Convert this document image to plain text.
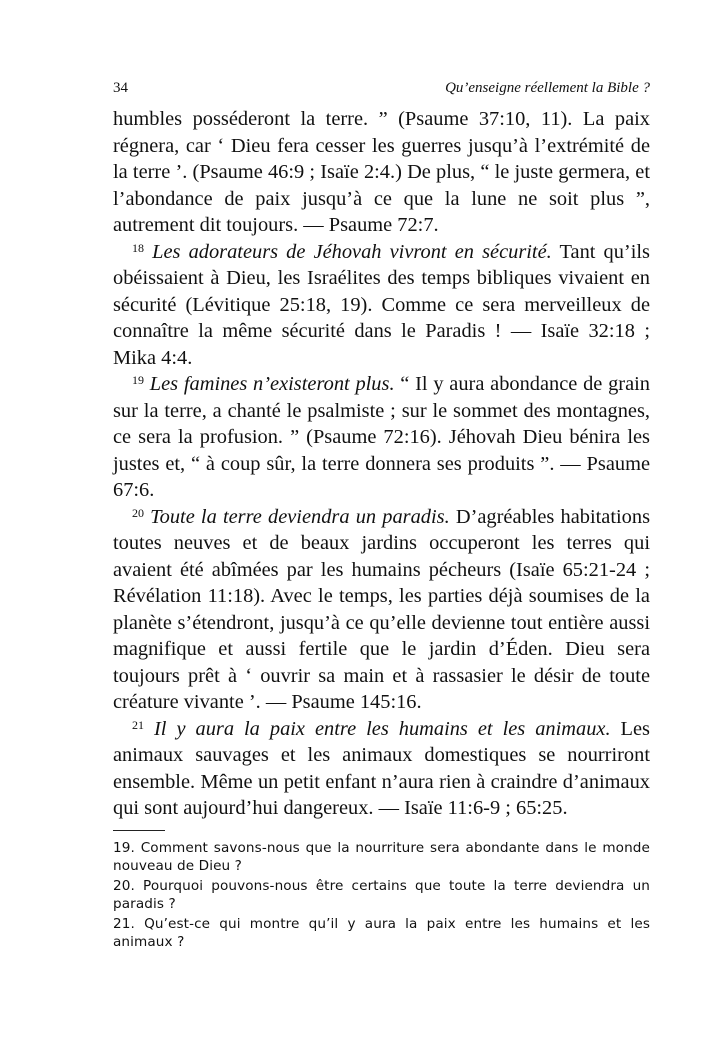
34	Qu’enseigne réellement la Bible ?

humbles posséderont la terre. ” (Psaume 37:10, 11). La paix régnera, car ‘ Dieu fera cesser les guerres jusqu’à l’extrémité de la terre ’. (Psaume 46:9 ; Isaïe 2:4.) De plus, “ le juste germera, et l’abondance de paix jusqu’à ce que la lune ne soit plus ”, autrement dit toujours. — Psaume 72:7.

$^{18}$ Les adorateurs de Jéhovah vivront en sécurité. Tant qu’ils obéissaient à Dieu, les Israélites des temps bibliques vivaient en sécurité (Lévitique 25:18, 19). Comme ce sera merveilleux de connaître la même sécurité dans le Paradis ! — Isaïe 32:18 ; Mika 4:4.

$^{19}$ Les famines n’existeront plus. “ Il y aura abondance de grain sur la terre, a chanté le psalmiste ; sur le sommet des montagnes, ce sera la profusion. ” (Psaume 72:16). Jéhovah Dieu bénira les justes et, “ à coup sûr, la terre donnera ses produits ”. — Psaume 67:6.

$^{20}$ Toute la terre deviendra un paradis. D’agréables habitations toutes neuves et de beaux jardins occuperont les terres qui avaient été abîmées par les humains pécheurs (Isaïe 65:21-24 ; Révélation 11:18). Avec le temps, les parties déjà soumises de la planète s’étendront, jusqu’à ce qu’elle devienne tout entière aussi magnifique et aussi fertile que le jardin d’Éden. Dieu sera toujours prêt à ‘ ouvrir sa main et à rassasier le désir de toute créature vivante ’. — Psaume 145:16.

$^{21}$ Il y aura la paix entre les humains et les animaux. Les animaux sauvages et les animaux domestiques se nourriront ensemble. Même un petit enfant n’aura rien à craindre d’animaux qui sont aujourd’hui dangereux. — Isaïe 11:6-9 ; 65:25.

19. Comment savons-nous que la nourriture sera abondante dans le monde nouveau de Dieu ?

20. Pourquoi pouvons-nous être certains que toute la terre deviendra un paradis ?

21. Qu’est-ce qui montre qu’il y aura la paix entre les humains et les animaux ?
